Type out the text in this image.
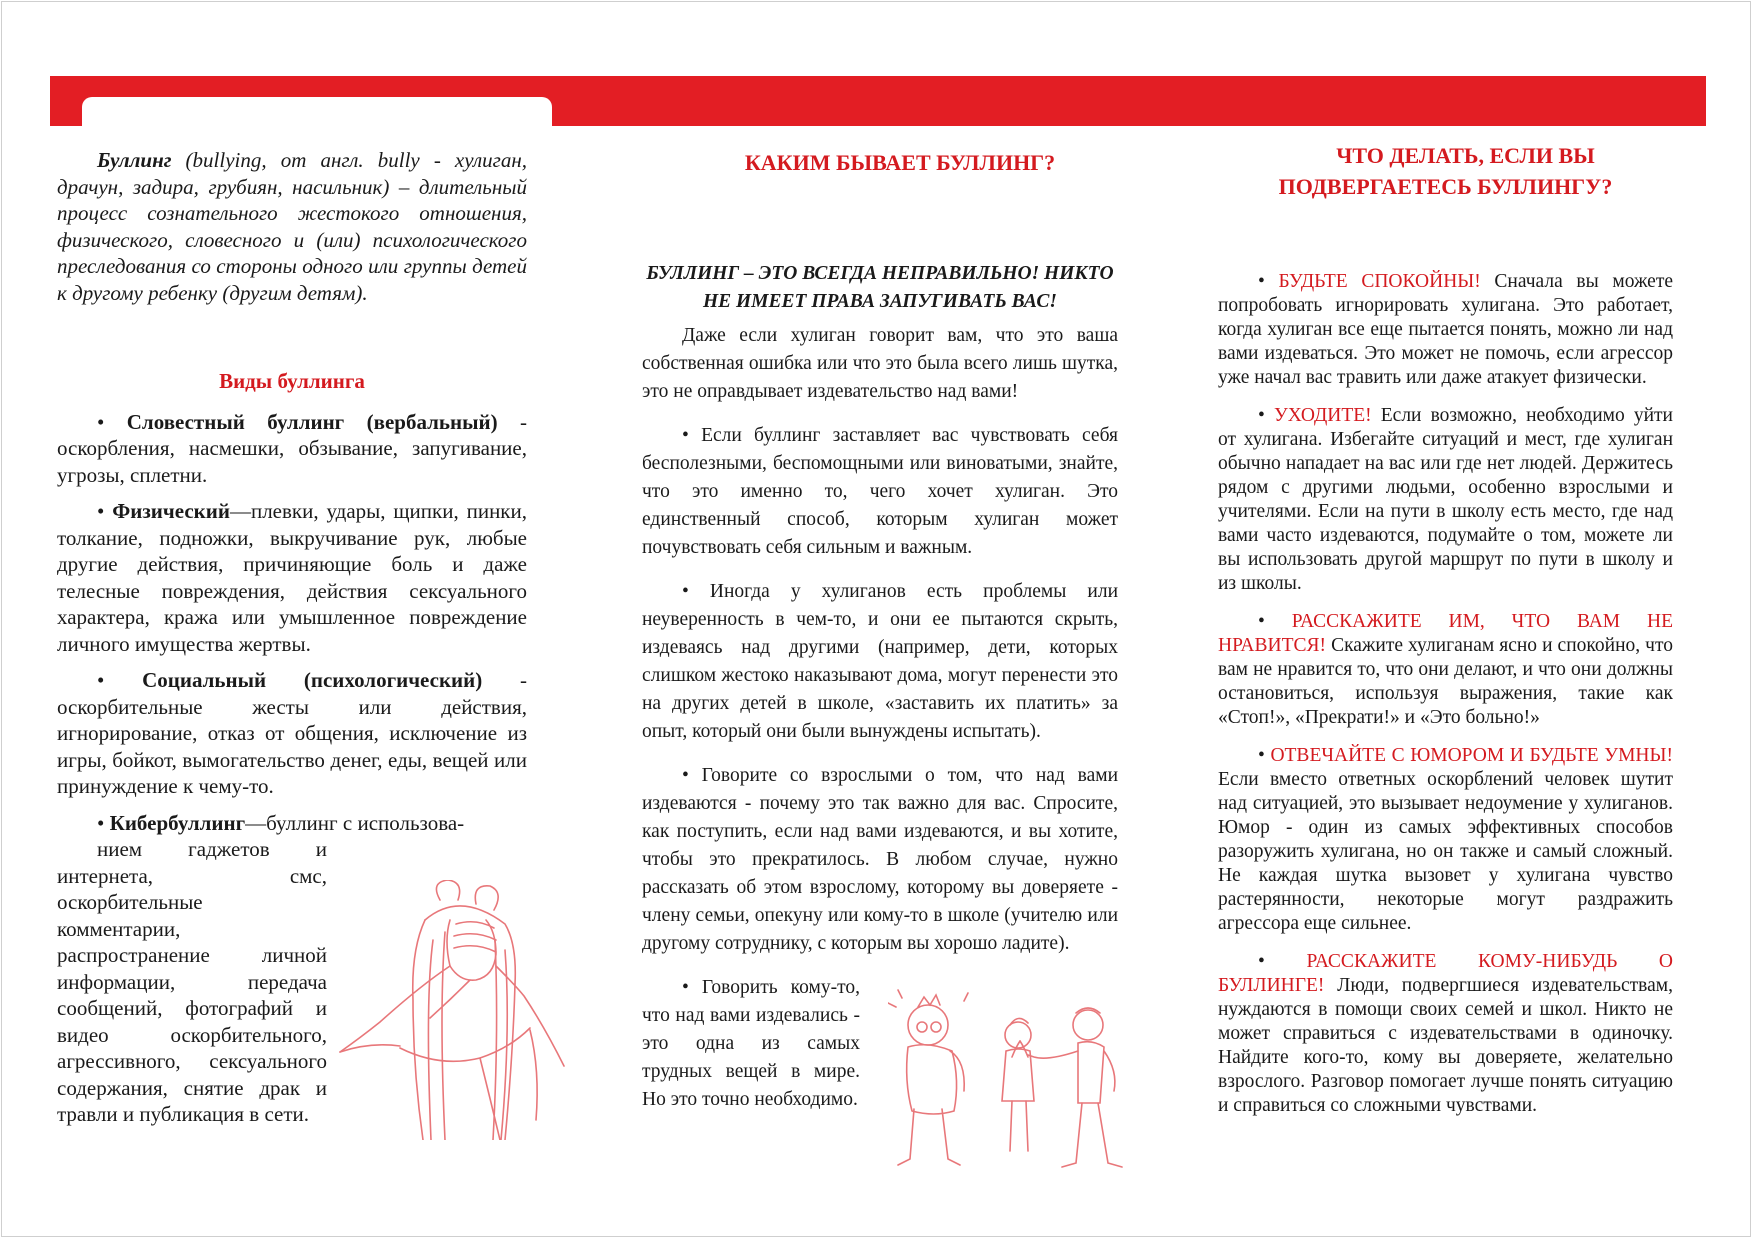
Буллинг (bullying, от англ. bully - хулиган, драчун, задира, грубиян, насильник) – длительный процесс сознательного жестокого отношения, физического, словесного и (или) психологического преследования со стороны одного или группы детей к другому ребенку (другим детям).

Виды буллинга

• Словестный буллинг (вербальный) - оскорбления, насмешки, обзывание, запугивание, угрозы, сплетни.

• Физический—плевки, удары, щипки, пинки, толкание, подножки, выкручивание рук, любые другие действия, причиняющие боль и даже телесные повреждения, действия сексуального характера, кража или умышленное повреждение личного имущества жертвы.

• Социальный (психологический) - оскорбительные жесты или действия, игнорирование, отказ от общения, исключение из игры, бойкот, вымогательство денег, еды, вещей или принуждение к чему-то.

• Кибербуллинг—буллинг с использова-

нием гаджетов и интернета, смс, оскорбительные комментарии, распространение личной информации, передача сообщений, фотографий и видео оскорбительного, агрессивного, сексуального содержания, снятие драк и травли и публикация в сети.

КАКИМ БЫВАЕТ БУЛЛИНГ?

БУЛЛИНГ – ЭТО ВСЕГДА НЕПРАВИЛЬНО! НИКТО НЕ ИМЕЕТ ПРАВА ЗАПУГИВАТЬ ВАС!

Даже если хулиган говорит вам, что это ваша собственная ошибка или что это была всего лишь шутка, это не оправдывает издевательство над вами!

• Если буллинг заставляет вас чувствовать себя бесполезными, беспомощными или виноватыми, знайте, что это именно то, чего хочет хулиган. Это единственный способ, которым хулиган может почувствовать себя сильным и важным.

• Иногда у хулиганов есть проблемы или неуверенность в чем-то, и они ее пытаются скрыть, издеваясь над другими (например, дети, которых слишком жестоко наказывают дома, могут перенести это на других детей в школе, «заставить их платить» за опыт, который они были вынуждены испытать).

• Говорите со взрослыми о том, что над вами издеваются - почему это так важно для вас. Спросите, как поступить, если над вами издеваются, и вы хотите, чтобы это прекратилось. В любом случае, нужно рассказать об этом взрослому, которому вы доверяете - члену семьи, опекуну или кому-то в школе (учителю или другому сотруднику, с которым вы хорошо ладите).

• Говорить кому-то, что над вами издевались - это одна из самых трудных вещей в мире. Но это точно необходимо.

ЧТО ДЕЛАТЬ, ЕСЛИ ВЫ ПОДВЕРГАЕТЕСЬ БУЛЛИНГУ?

• БУДЬТЕ СПОКОЙНЫ! Сначала вы можете попробовать игнорировать хулигана. Это работает, когда хулиган все еще пытается понять, можно ли над вами издеваться. Это может не помочь, если агрессор уже начал вас травить или даже атакует физически.

• УХОДИТЕ! Если возможно, необходимо уйти от хулигана. Избегайте ситуаций и мест, где хулиган обычно нападает на вас или где нет людей. Держитесь рядом с другими людьми, особенно взрослыми и учителями. Если на пути в школу есть место, где над вами часто издеваются, подумайте о том, можете ли вы использовать другой маршрут по пути в школу и из школы.

• РАССКАЖИТЕ ИМ, ЧТО ВАМ НЕ НРАВИТСЯ! Скажите хулиганам ясно и спокойно, что вам не нравится то, что они делают, и что они должны остановиться, используя выражения, такие как «Стоп!», «Прекрати!» и «Это больно!»

• ОТВЕЧАЙТЕ С ЮМОРОМ И БУДЬТЕ УМНЫ! Если вместо ответных оскорблений человек шутит над ситуацией, это вызывает недоумение у хулиганов. Юмор - один из самых эффективных способов разоружить хулигана, но он также и самый сложный. Не каждая шутка вызовет у хулигана чувство растерянности, некоторые могут раздражить агрессора еще сильнее.

• РАССКАЖИТЕ КОМУ-НИБУДЬ О БУЛЛИНГЕ! Люди, подвергшиеся издевательствам, нуждаются в помощи своих семей и школ. Никто не может справиться с издевательствами в одиночку. Найдите кого-то, кому вы доверяете, желательно взрослого. Разговор помогает лучше понять ситуацию и справиться со сложными чувствами.
